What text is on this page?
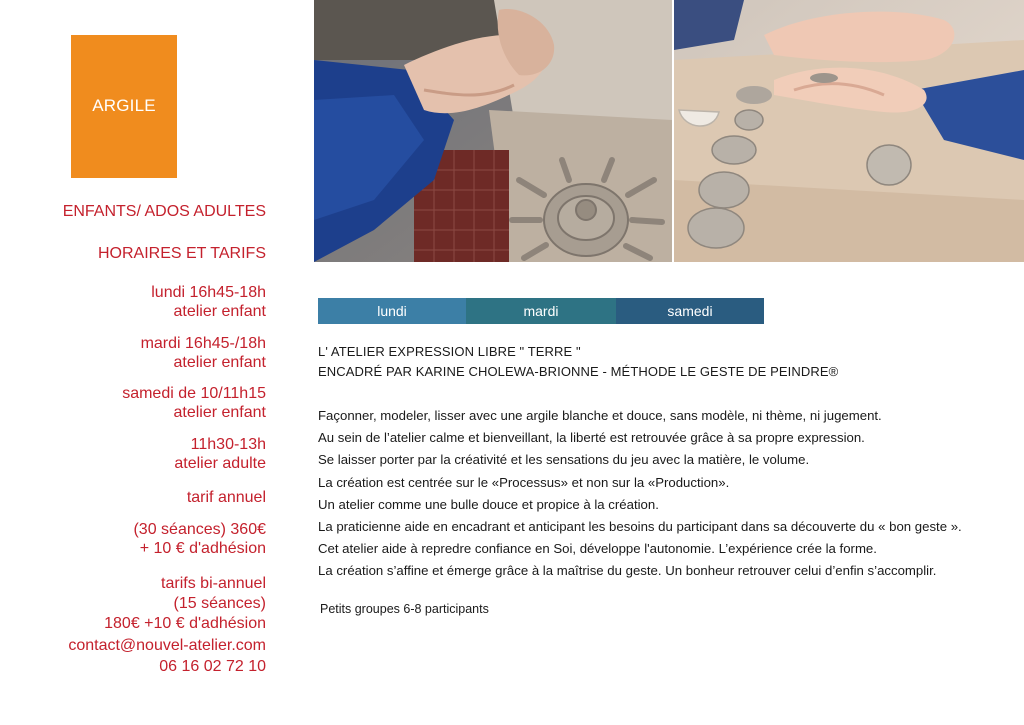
ARGILE
ENFANTS/ ADOS ADULTES
HORAIRES ET TARIFS
lundi 16h45-18h
atelier enfant
mardi 16h45-/18h
atelier enfant
samedi de 10/11h15
atelier enfant
11h30-13h
atelier adulte
tarif annuel
(30 séances) 360€
+ 10 € d'adhésion
tarifs bi-annuel
(15 séances)
180€ +10 € d'adhésion
contact@nouvel-atelier.com
06 16 02 72 10
lundi	mardi	samedi
L' ATELIER EXPRESSION LIBRE " TERRE "
ENCADRÉ PAR KARINE CHOLEWA-BRIONNE - MÉTHODE LE GESTE DE PEINDRE®
Façonner, modeler, lisser avec une argile blanche et douce, sans modèle, ni thème, ni jugement.
Au sein de l’atelier calme et bienveillant, la liberté est retrouvée grâce à sa propre expression.
Se laisser porter par la créativité et les sensations du jeu avec la matière, le volume.
La création est centrée sur le «Processus» et non sur la «Production».
Un atelier comme une bulle douce et propice à la création.
La praticienne aide en encadrant et anticipant les besoins du participant dans sa découverte du « bon geste ».
Cet atelier aide à repredre confiance en Soi, développe l'autonomie. L’expérience crée la forme.
La création s’affine et émerge grâce à la maîtrise du geste. Un bonheur retrouver celui d’enfin s’accomplir.
Petits groupes 6-8 participants
